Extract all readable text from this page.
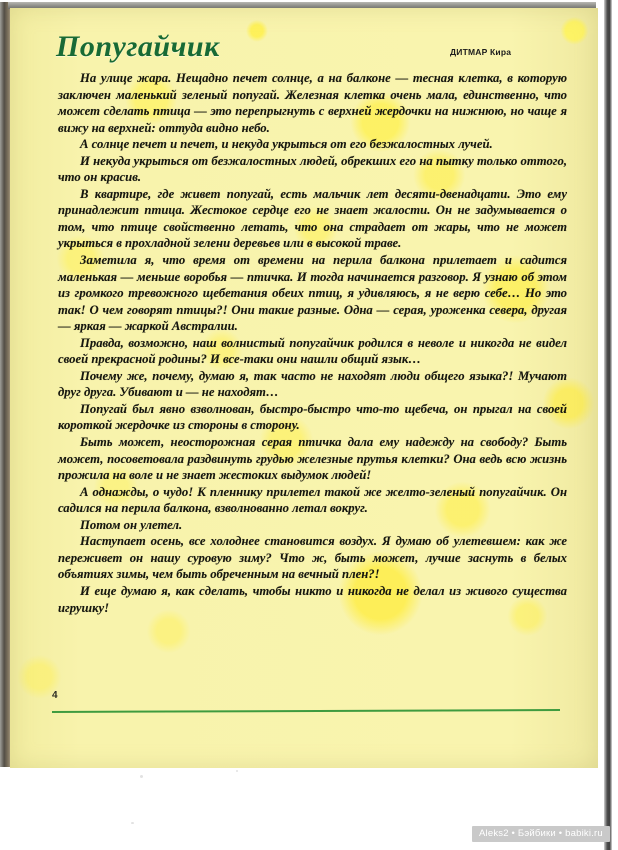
Попугайчик	ДИТМАР Кира

На улице жара. Нещадно печет солнце, а на балконе — тесная клетка, в которую заключен маленький зеленый попугай. Железная клетка очень мала, единственно, что может сделать птица — это перепрыгнуть с верхней жердочки на нижнюю, но чаще я вижу на верхней: оттуда видно небо.

А солнце печет и печет, и некуда укрыться от его безжалостных лучей.

И некуда укрыться от безжалостных людей, обрекших его на пытку только оттого, что он красив.

В квартире, где живет попугай, есть мальчик лет десяти-двенадцати. Это ему принадлежит птица. Жестокое сердце его не знает жалости. Он не задумывается о том, что птице свойственно летать, что она страдает от жары, что не может укрыться в прохладной зелени деревьев или в высокой траве.

Заметила я, что время от времени на перила балкона прилетает и садится маленькая — меньше воробья — птичка. И тогда начинается разговор. Я узнаю об этом из громкого тревожного щебетания обеих птиц, я удивляюсь, я не верю себе… Но это так! О чем говорят птицы?! Они такие разные. Одна — серая, уроженка севера, другая — яркая — жаркой Австралии.

Правда, возможно, наш волнистый попугайчик родился в неволе и никогда не видел своей прекрасной родины? И все-таки они нашли общий язык…

Почему же, почему, думаю я, так часто не находят люди общего языка?! Мучают друг друга. Убивают и — не находят…

Попугай был явно взволнован, быстро-быстро что-то щебеча, он прыгал на своей короткой жердочке из стороны в сторону.

Быть может, неосторожная серая птичка дала ему надежду на свободу? Быть может, посоветовала раздвинуть грудью железные прутья клетки? Она ведь всю жизнь прожила на воле и не знает жестоких выдумок людей!

А однажды, о чудо! К пленнику прилетел такой же желто-зеленый попугайчик. Он садился на перила балкона, взволнованно летал вокруг.

Потом он улетел.

Наступает осень, все холоднее становится воздух. Я думаю об улетевшем: как же переживет он нашу суровую зиму? Что ж, быть может, лучше заснуть в белых объятиях зимы, чем быть обреченным на вечный плен?!

И еще думаю я, как сделать, чтобы никто и никогда не делал из живого существа игрушку!

4
Aleks2 • Бэйбики • babiki.ru
